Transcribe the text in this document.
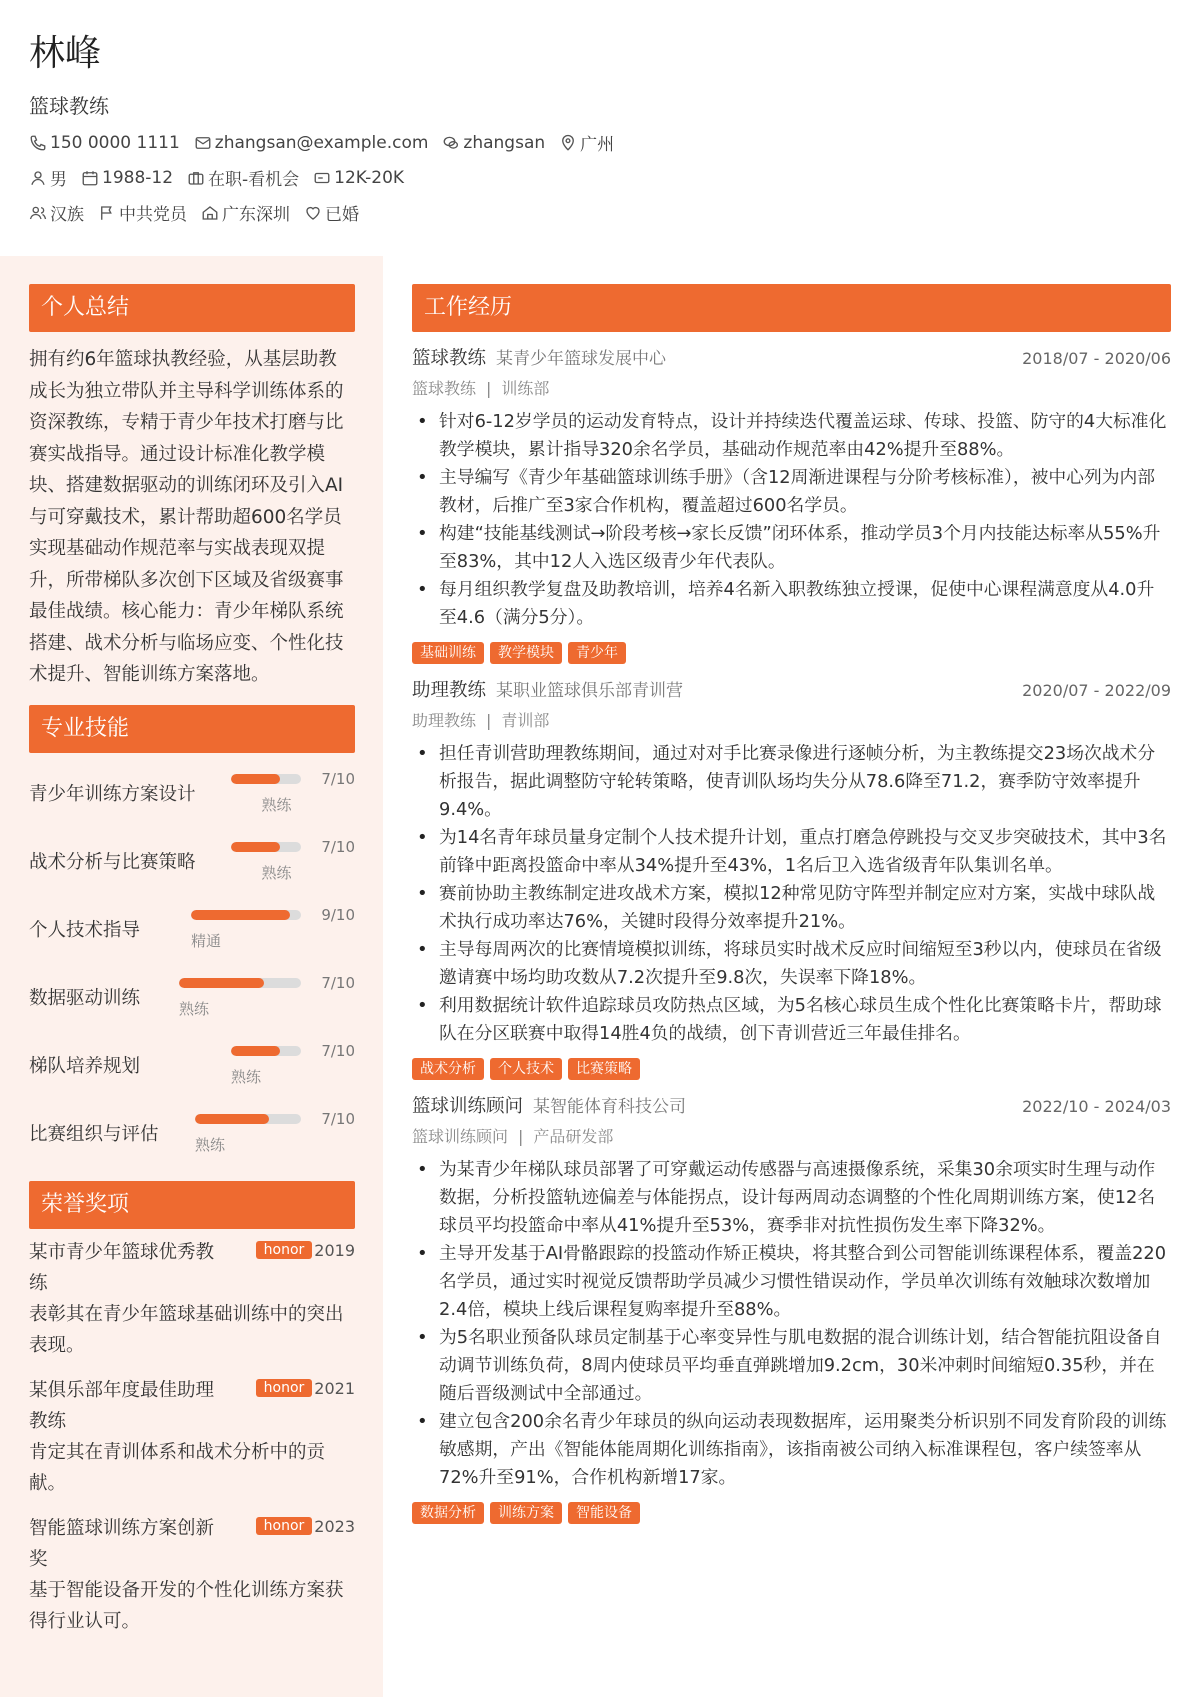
林峰
篮球教练
150 0000 1111 zhangsan@example.com zhangsan 广州
男 1988-12 在职-看机会 12K-20K
汉族 中共党员 广东深圳 已婚
个人总结

拥有约6年篮球执教经验，从基层助教成长为独立带队并主导科学训练体系的资深教练，专精于青少年技术打磨与比赛实战指导。通过设计标准化教学模块、搭建数据驱动的训练闭环及引入AI与可穿戴技术，累计帮助超600名学员实现基础动作规范率与实战表现双提升，所带梯队多次创下区域及省级赛事最佳战绩。核心能力：青少年梯队系统搭建、战术分析与临场应变、个性化技术提升、智能训练方案落地。

专业技能
青少年训练方案设计
7/10
熟练
战术分析与比赛策略
7/10
熟练
个人技术指导
9/10
精通
数据驱动训练
7/10
熟练
梯队培养规划
7/10
熟练
比赛组织与评估
7/10
熟练
荣誉奖项
某市青少年篮球优秀教练
honor 2019
表彰其在青少年篮球基础训练中的突出表现。
某俱乐部年度最佳助理教练
honor 2021
肯定其在青训体系和战术分析中的贡献。
智能篮球训练方案创新奖
honor 2023
基于智能设备开发的个性化训练方案获得行业认可。
工作经历
篮球教练 某青少年篮球发展中心	2018/07 - 2020/06
篮球教练 | 训练部
• 针对6-12岁学员的运动发育特点，设计并持续迭代覆盖运球、传球、投篮、防守的4大标准化教学模块，累计指导320余名学员，基础动作规范率由42%提升至88%。
• 主导编写《青少年基础篮球训练手册》（含12周渐进课程与分阶考核标准），被中心列为内部教材，后推广至3家合作机构，覆盖超过600名学员。
• 构建“技能基线测试→阶段考核→家长反馈”闭环体系，推动学员3个月内技能达标率从55%升至83%，其中12人入选区级青少年代表队。
• 每月组织教学复盘及助教培训，培养4名新入职教练独立授课，促使中心课程满意度从4.0升至4.6（满分5分）。
基础训练	教学模块	青少年
助理教练 某职业篮球俱乐部青训营	2020/07 - 2022/09
助理教练 | 青训部
• 担任青训营助理教练期间，通过对对手比赛录像进行逐帧分析，为主教练提交23场次战术分析报告，据此调整防守轮转策略，使青训队场均失分从78.6降至71.2，赛季防守效率提升9.4%。
• 为14名青年球员量身定制个人技术提升计划，重点打磨急停跳投与交叉步突破技术，其中3名前锋中距离投篮命中率从34%提升至43%，1名后卫入选省级青年队集训名单。
• 赛前协助主教练制定进攻战术方案，模拟12种常见防守阵型并制定应对方案，实战中球队战术执行成功率达76%，关键时段得分效率提升21%。
• 主导每周两次的比赛情境模拟训练，将球员实时战术反应时间缩短至3秒以内，使球员在省级邀请赛中场均助攻数从7.2次提升至9.8次，失误率下降18%。
• 利用数据统计软件追踪球员攻防热点区域，为5名核心球员生成个性化比赛策略卡片，帮助球队在分区联赛中取得14胜4负的战绩，创下青训营近三年最佳排名。
战术分析	个人技术	比赛策略
篮球训练顾问 某智能体育科技公司	2022/10 - 2024/03
篮球训练顾问 | 产品研发部
• 为某青少年梯队球员部署了可穿戴运动传感器与高速摄像系统，采集30余项实时生理与动作数据，分析投篮轨迹偏差与体能拐点，设计每两周动态调整的个性化周期训练方案，使12名球员平均投篮命中率从41%提升至53%，赛季非对抗性损伤发生率下降32%。
• 主导开发基于AI骨骼跟踪的投篮动作矫正模块，将其整合到公司智能训练课程体系，覆盖220名学员，通过实时视觉反馈帮助学员减少习惯性错误动作，学员单次训练有效触球次数增加2.4倍，模块上线后课程复购率提升至88%。
• 为5名职业预备队球员定制基于心率变异性与肌电数据的混合训练计划，结合智能抗阻设备自动调节训练负荷，8周内使球员平均垂直弹跳增加9.2cm，30米冲刺时间缩短0.35秒，并在随后晋级测试中全部通过。
• 建立包含200余名青少年球员的纵向运动表现数据库，运用聚类分析识别不同发育阶段的训练敏感期，产出《智能体能周期化训练指南》，该指南被公司纳入标准课程包，客户续签率从72%升至91%，合作机构新增17家。
数据分析	训练方案	智能设备
